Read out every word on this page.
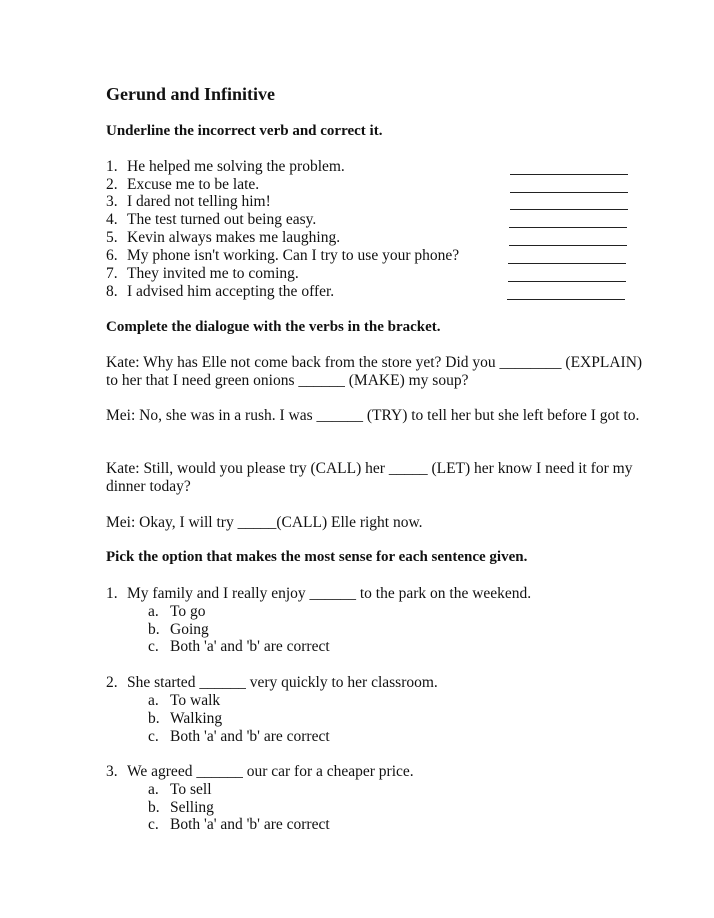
Gerund and Infinitive

Underline the incorrect verb and correct it.

1. He helped me solving the problem.
2. Excuse me to be late.
3. I dared not telling him!
4. The test turned out being easy.
5. Kevin always makes me laughing.
6. My phone isn't working. Can I try to use your phone?
7. They invited me to coming.
8. I advised him accepting the offer.

Complete the dialogue with the verbs in the bracket.

Kate: Why has Elle not come back from the store yet? Did you ________ (EXPLAIN) to her that I need green onions ______ (MAKE) my soup?

Mei: No, she was in a rush. I was ______ (TRY) to tell her but she left before I got to.

Kate: Still, would you please try (CALL) her _____ (LET) her know I need it for my dinner today?

Mei: Okay, I will try _____(CALL) Elle right now.

Pick the option that makes the most sense for each sentence given.

1. My family and I really enjoy ______ to the park on the weekend.
a. To go
b. Going
c. Both 'a' and 'b' are correct
2. She started ______ very quickly to her classroom.
a. To walk
b. Walking
c. Both 'a' and 'b' are correct
3. We agreed ______ our car for a cheaper price.
a. To sell
b. Selling
c. Both 'a' and 'b' are correct
